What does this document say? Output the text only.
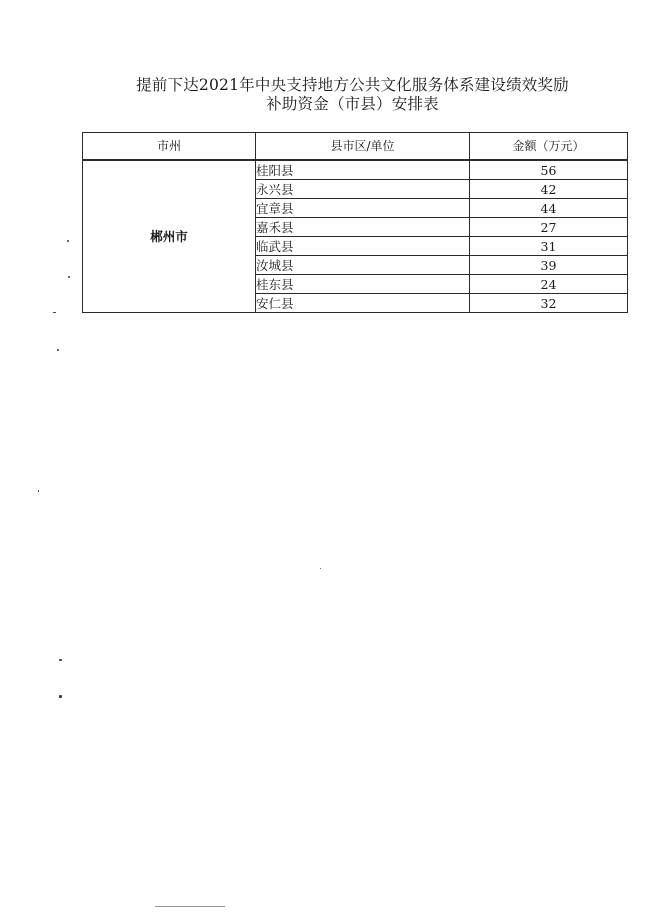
提前下达2021年中央支持地方公共文化服务体系建设绩效奖励
补助资金（市县）安排表
市州	县市区/单位	金额（万元）
郴州市	桂阳县	56
	永兴县	42
	宜章县	44
	嘉禾县	27
	临武县	31
	汝城县	39
	桂东县	24
	安仁县	32
